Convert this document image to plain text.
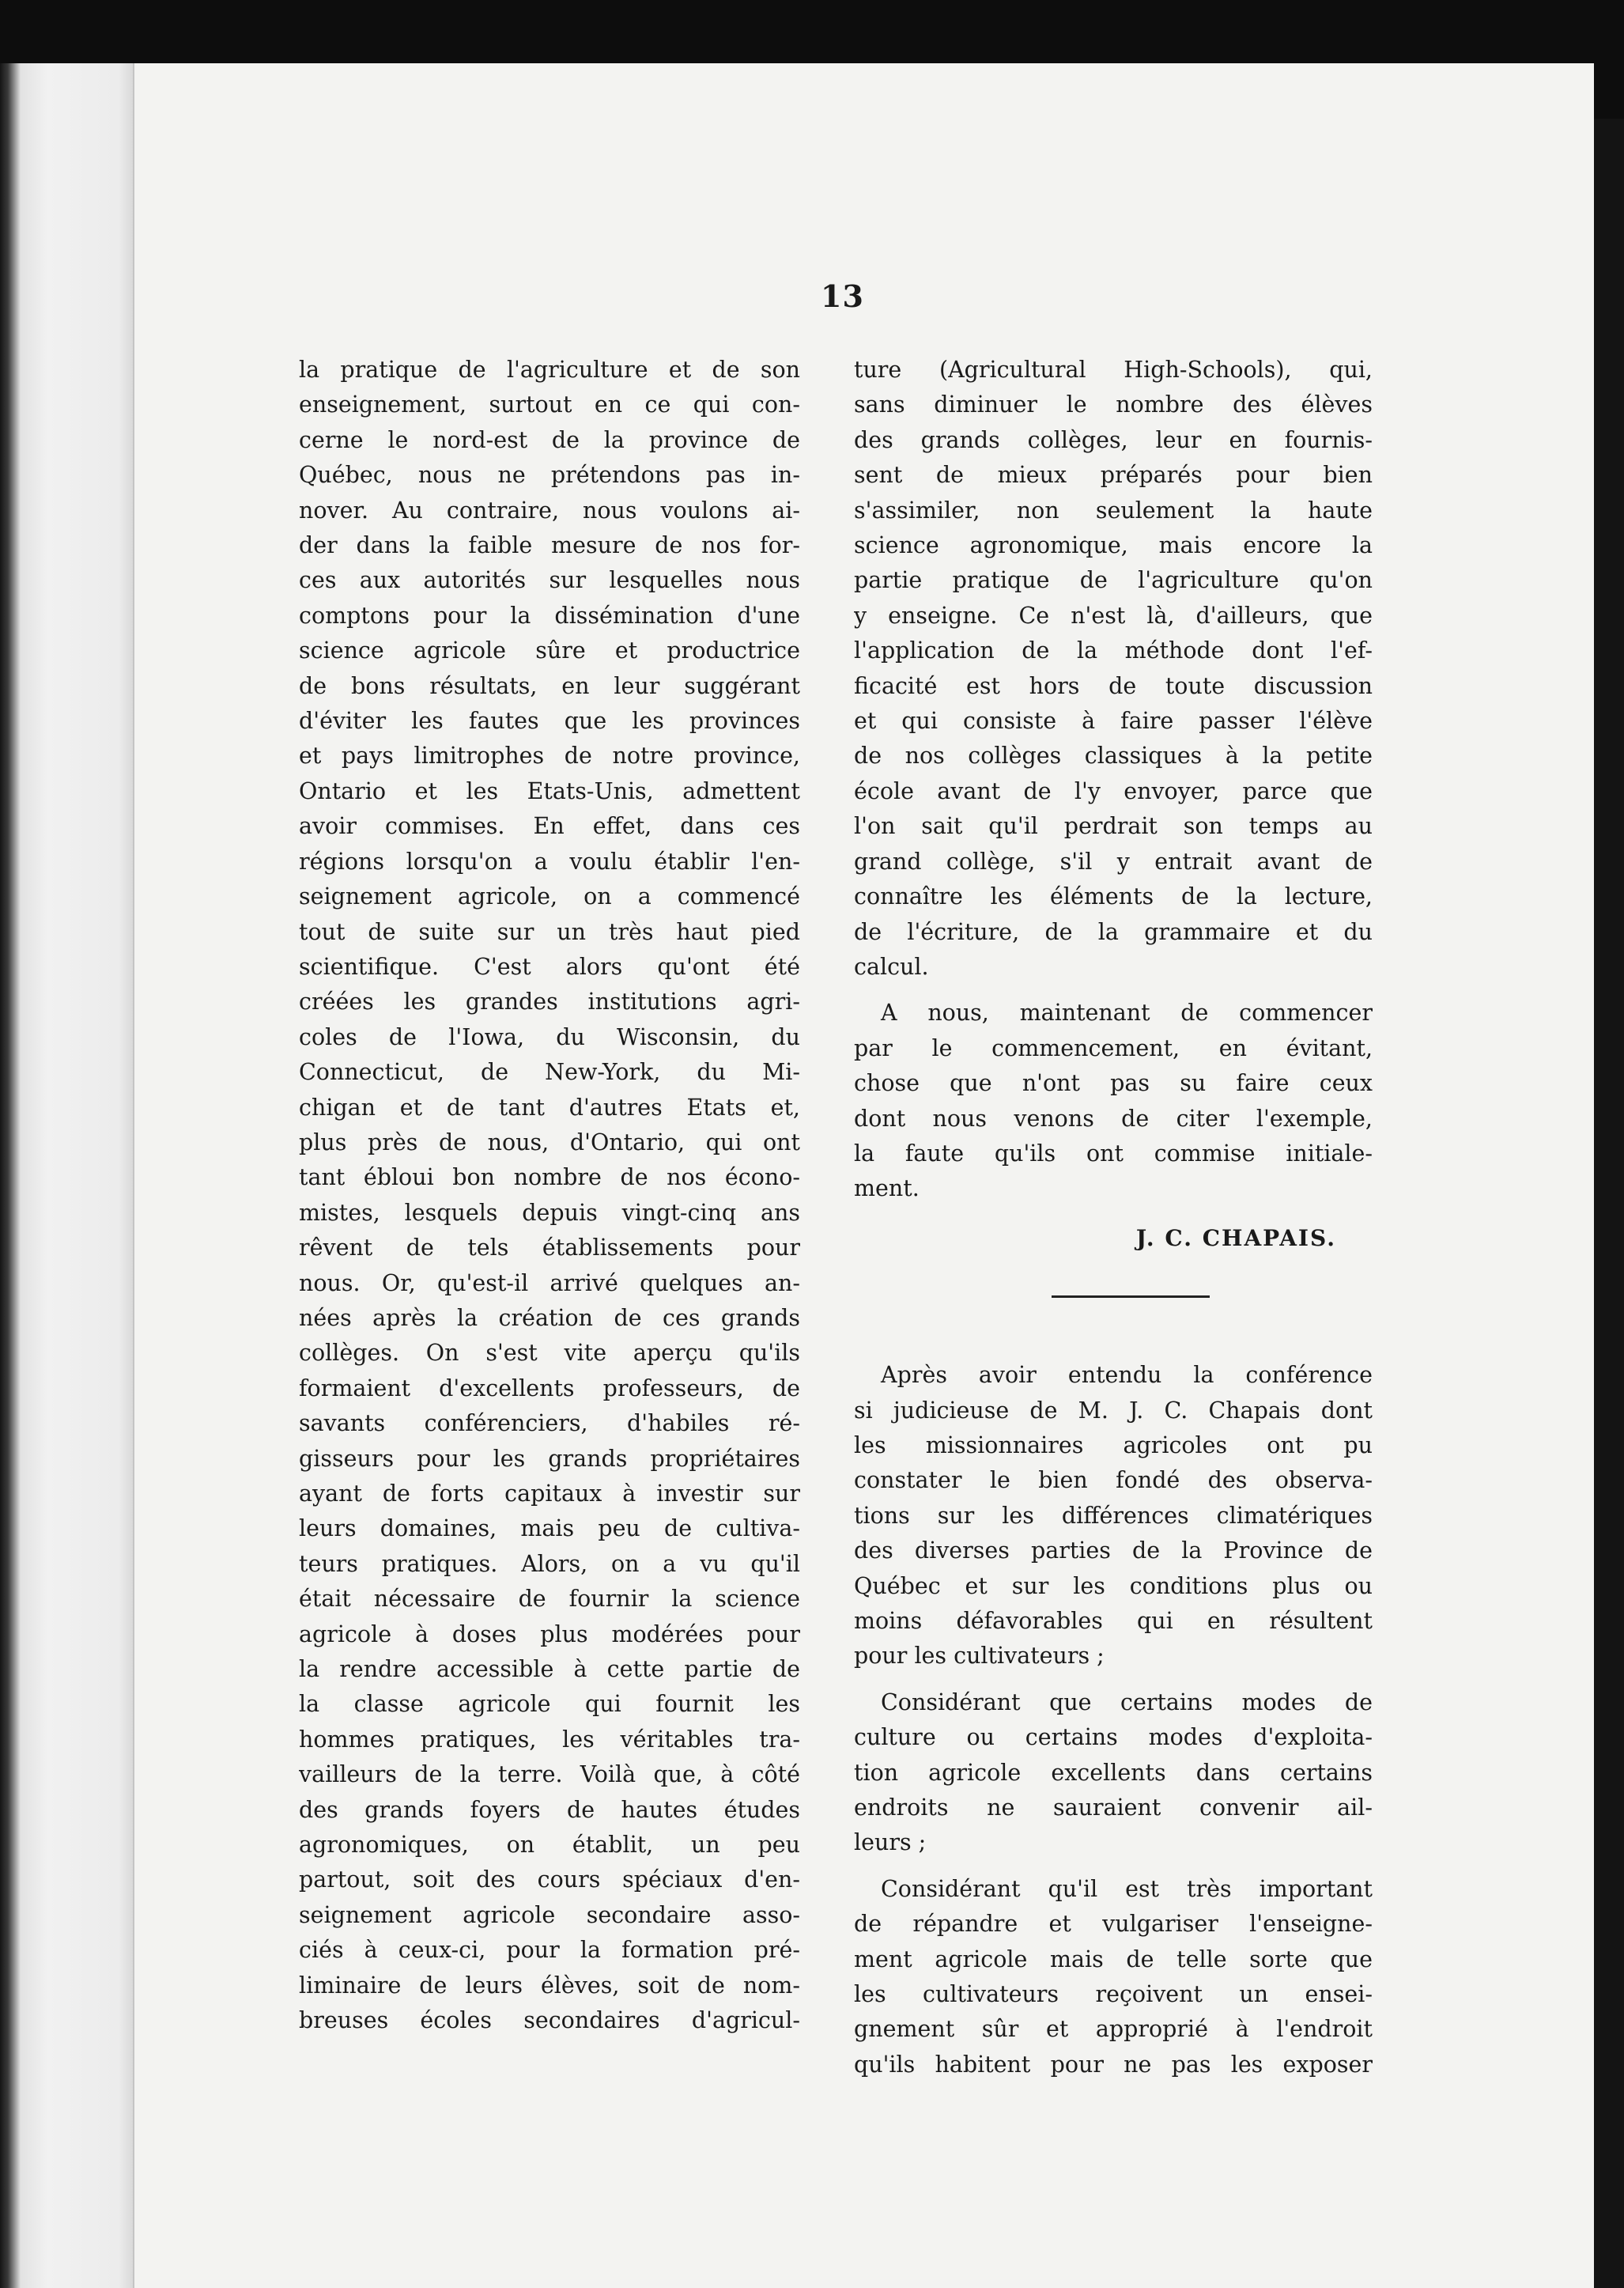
13
la pratique de l'agriculture et de son
enseignement, surtout en ce qui con-
cerne le nord-est de la province de
Québec, nous ne prétendons pas in-
nover. Au contraire, nous voulons ai-
der dans la faible mesure de nos for-
ces aux autorités sur lesquelles nous
comptons pour la dissémination d'une
science agricole sûre et productrice
de bons résultats, en leur suggérant
d'éviter les fautes que les provinces
et pays limitrophes de notre province,
Ontario et les Etats-Unis, admettent
avoir commises. En effet, dans ces
régions lorsqu'on a voulu établir l'en-
seignement agricole, on a commencé
tout de suite sur un très haut pied
scientifique. C'est alors qu'ont été
créées les grandes institutions agri-
coles de l'Iowa, du Wisconsin, du
Connecticut, de New-York, du Mi-
chigan et de tant d'autres Etats et,
plus près de nous, d'Ontario, qui ont
tant ébloui bon nombre de nos écono-
mistes, lesquels depuis vingt-cinq ans
rêvent de tels établissements pour
nous. Or, qu'est-il arrivé quelques an-
nées après la création de ces grands
collèges. On s'est vite aperçu qu'ils
formaient d'excellents professeurs, de
savants conférenciers, d'habiles ré-
gisseurs pour les grands propriétaires
ayant de forts capitaux à investir sur
leurs domaines, mais peu de cultiva-
teurs pratiques. Alors, on a vu qu'il
était nécessaire de fournir la science
agricole à doses plus modérées pour
la rendre accessible à cette partie de
la classe agricole qui fournit les
hommes pratiques, les véritables tra-
vailleurs de la terre. Voilà que, à côté
des grands foyers de hautes études
agronomiques, on établit, un peu
partout, soit des cours spéciaux d'en-
seignement agricole secondaire asso-
ciés à ceux-ci, pour la formation pré-
liminaire de leurs élèves, soit de nom-
breuses écoles secondaires d'agricul-
ture (Agricultural High-Schools), qui,
sans diminuer le nombre des élèves
des grands collèges, leur en fournis-
sent de mieux préparés pour bien
s'assimiler, non seulement la haute
science agronomique, mais encore la
partie pratique de l'agriculture qu'on
y enseigne. Ce n'est là, d'ailleurs, que
l'application de la méthode dont l'ef-
ficacité est hors de toute discussion
et qui consiste à faire passer l'élève
de nos collèges classiques à la petite
école avant de l'y envoyer, parce que
l'on sait qu'il perdrait son temps au
grand collège, s'il y entrait avant de
connaître les éléments de la lecture,
de l'écriture, de la grammaire et du
calcul.
A nous, maintenant de commencer
par le commencement, en évitant,
chose que n'ont pas su faire ceux
dont nous venons de citer l'exemple,
la faute qu'ils ont commise initiale-
ment.
J. C. CHAPAIS.
Après avoir entendu la conférence
si judicieuse de M. J. C. Chapais dont
les missionnaires agricoles ont pu
constater le bien fondé des observa-
tions sur les différences climatériques
des diverses parties de la Province de
Québec et sur les conditions plus ou
moins défavorables qui en résultent
pour les cultivateurs ;
Considérant que certains modes de
culture ou certains modes d'exploita-
tion agricole excellents dans certains
endroits ne sauraient convenir ail-
leurs ;
Considérant qu'il est très important
de répandre et vulgariser l'enseigne-
ment agricole mais de telle sorte que
les cultivateurs reçoivent un ensei-
gnement sûr et approprié à l'endroit
qu'ils habitent pour ne pas les exposer
